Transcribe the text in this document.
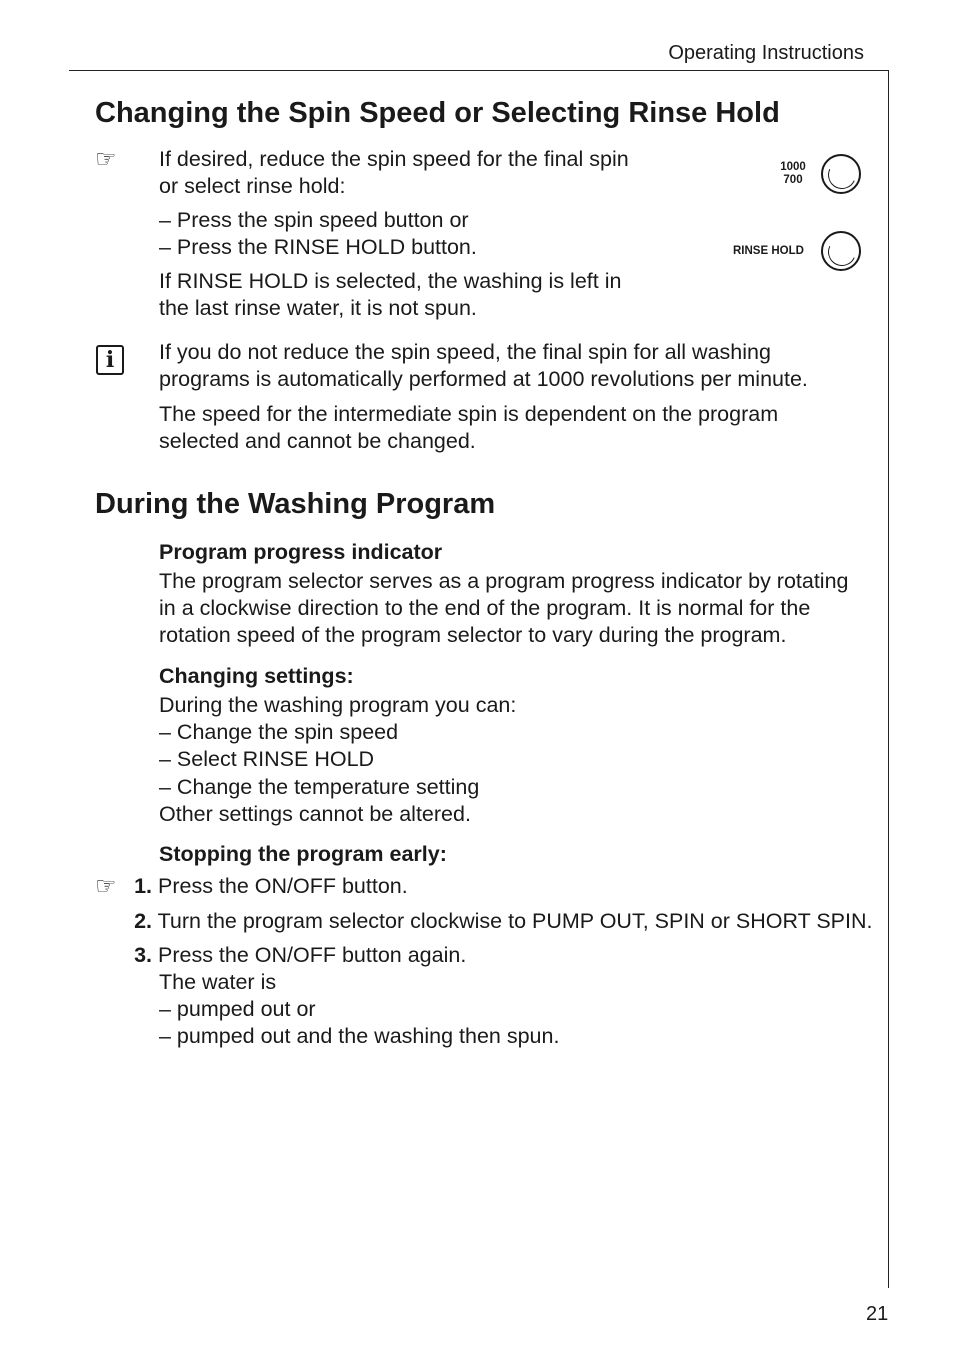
Operating Instructions
Changing the Spin Speed or Selecting Rinse Hold
☞ If desired, reduce the spin speed for the final spin

or select rinse hold:

– Press the spin speed button or

– Press the RINSE HOLD button.

If RINSE HOLD is selected, the washing is left in

the last rinse water, it is not spun.

1000
700
RINSE HOLD
i	If you do not reduce the spin speed, the final spin for all washing

programs is automatically performed at 1000 revolutions per minute.

The speed for the intermediate spin is dependent on the program

selected and cannot be changed.

During the Washing Program

Program progress indicator

The program selector serves as a program progress indicator by rotating

in a clockwise direction to the end of the program. It is normal for the

rotation speed of the program selector to vary during the program.

Changing settings:

During the washing program you can:

– Change the spin speed

– Select RINSE HOLD

– Change the temperature setting

Other settings cannot be altered.

Stopping the program early:

☞ 1. Press the ON/OFF button.

2. Turn the program selector clockwise to PUMP OUT, SPIN or SHORT SPIN.

3. Press the ON/OFF button again.

The water is

– pumped out or

– pumped out and the washing then spun.

21
